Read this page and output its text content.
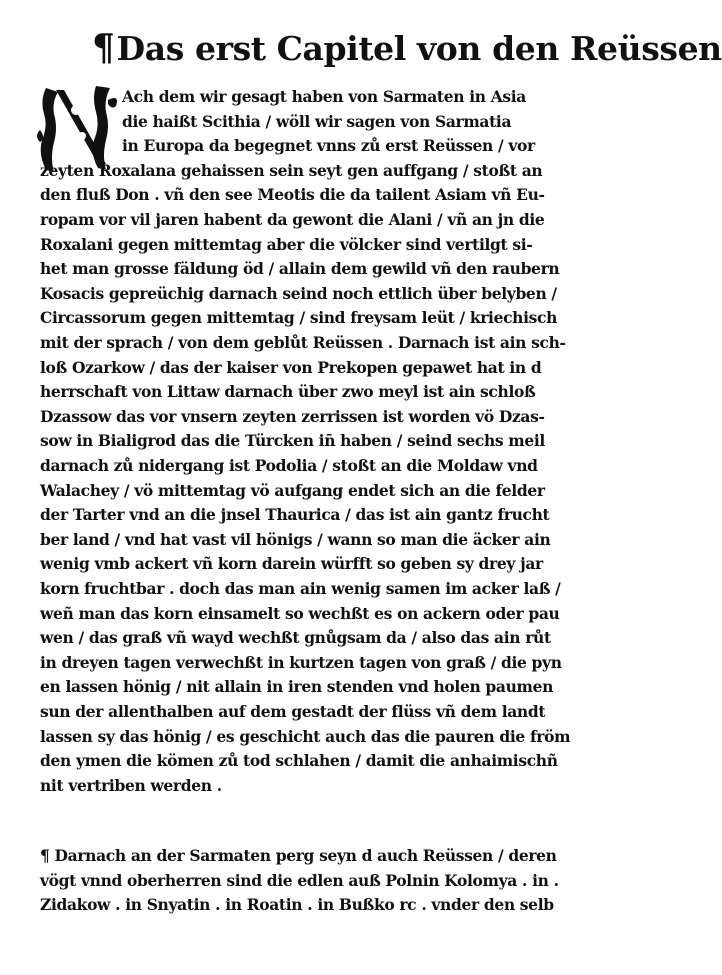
¶Das erst Capitel von den Reüssen
Ach dem wir gesagt haben von Sarmaten in Asia
die haißt Scithia / wöll wir sagen von Sarmatia
in Europa da begegnet vnns zů erst Reüssen / vor
zeyten Roxalana gehaissen sein seyt gen auffgang / stoßt an
den fluß Don . vñ den see Meotis die da tailent Asiam vñ Eu-
ropam vor vil jaren habent da gewont die Alani / vñ an jn die
Roxalani gegen mittemtag aber die völcker sind vertilgt si-
het man grosse fäldung öd / allain dem gewild vñ den raubern
Kosacis gepreüchig darnach seind noch ettlich über belyben /
Circassorum gegen mittemtag / sind freysam leüt / kriechisch
mit der sprach / von dem geblůt Reüssen . Darnach ist ain sch-
loß Ozarkow / das der kaiser von Prekopen gepawet hat in d
herrschaft von Littaw darnach über zwo meyl ist ain schloß
Dzassow das vor vnsern zeyten zerrissen ist worden vö Dzas-
sow in Bialigrod das die Türcken in̄ haben / seind sechs meil
darnach zů nidergang ist Podolia / stoßt an die Moldaw vnd
Walachey / vö mittemtag vö aufgang endet sich an die felder
der Tarter vnd an die jnsel Thaurica / das ist ain gantz frucht
ber land / vnd hat vast vil hönigs / wann so man die äcker ain
wenig vmb ackert vñ korn darein würfft so geben sy drey jar
korn fruchtbar . doch das man ain wenig samen im acker laß /
weñ man das korn einsamelt so wechßt es on ackern oder pau
wen / das graß vñ wayd wechßt gnůgsam da / also das ain růt
in dreyen tagen verwechßt in kurtzen tagen von graß / die pyn
en lassen hönig / nit allain in iren stenden vnd holen paumen
sun der allenthalben auf dem gestadt der flüss vñ dem landt
lassen sy das hönig / es geschicht auch das die pauren die fröm
den ymen die kömen zů tod schlahen / damit die anhaimischñ
nit vertriben werden .
¶ Darnach an der Sarmaten perg seyn d auch Reüssen / deren
vögt vnnd oberherren sind die edlen auß Polnin Kolomya . in .
Zidakow . in Snyatin . in Roatin . in Bußko rc . vnder den selb
